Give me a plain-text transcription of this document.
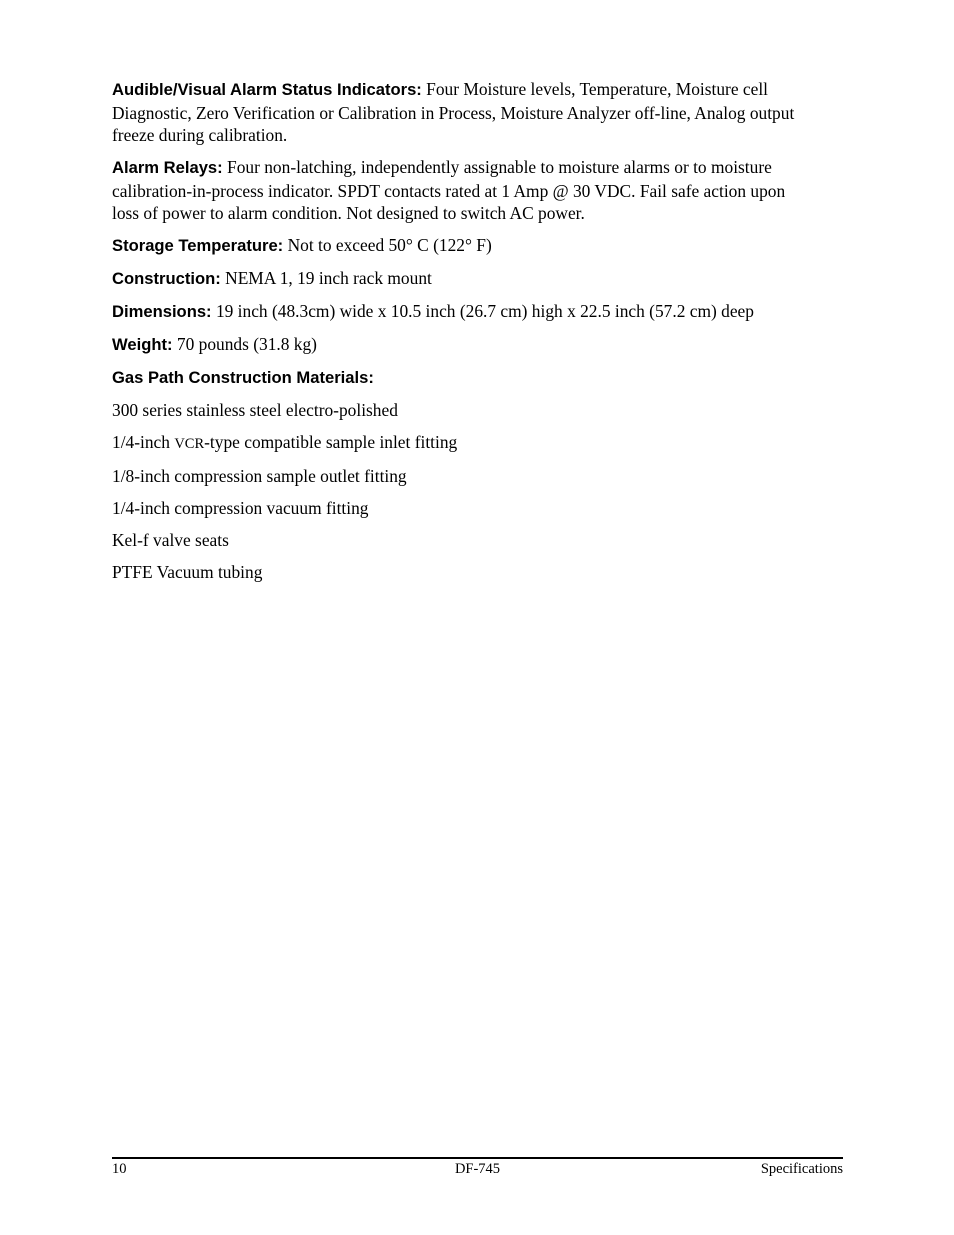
Audible/Visual Alarm Status Indicators: Four Moisture levels, Temperature, Moisture cell Diagnostic, Zero Verification or Calibration in Process, Moisture Analyzer off-line, Analog output freeze during calibration.

Alarm Relays: Four non-latching, independently assignable to moisture alarms or to moisture calibration-in-process indicator. SPDT contacts rated at 1 Amp @ 30 VDC. Fail safe action upon loss of power to alarm condition. Not designed to switch AC power.

Storage Temperature: Not to exceed 50° C (122° F)

Construction: NEMA 1, 19 inch rack mount

Dimensions: 19 inch (48.3cm) wide x 10.5 inch (26.7 cm) high x 22.5 inch (57.2 cm) deep

Weight: 70 pounds (31.8 kg)

Gas Path Construction Materials:

300 series stainless steel electro-polished

1/4-inch VCR-type compatible sample inlet fitting

1/8-inch compression sample outlet fitting

1/4-inch compression vacuum fitting

Kel-f valve seats

PTFE Vacuum tubing

10	DF-745	Specifications
